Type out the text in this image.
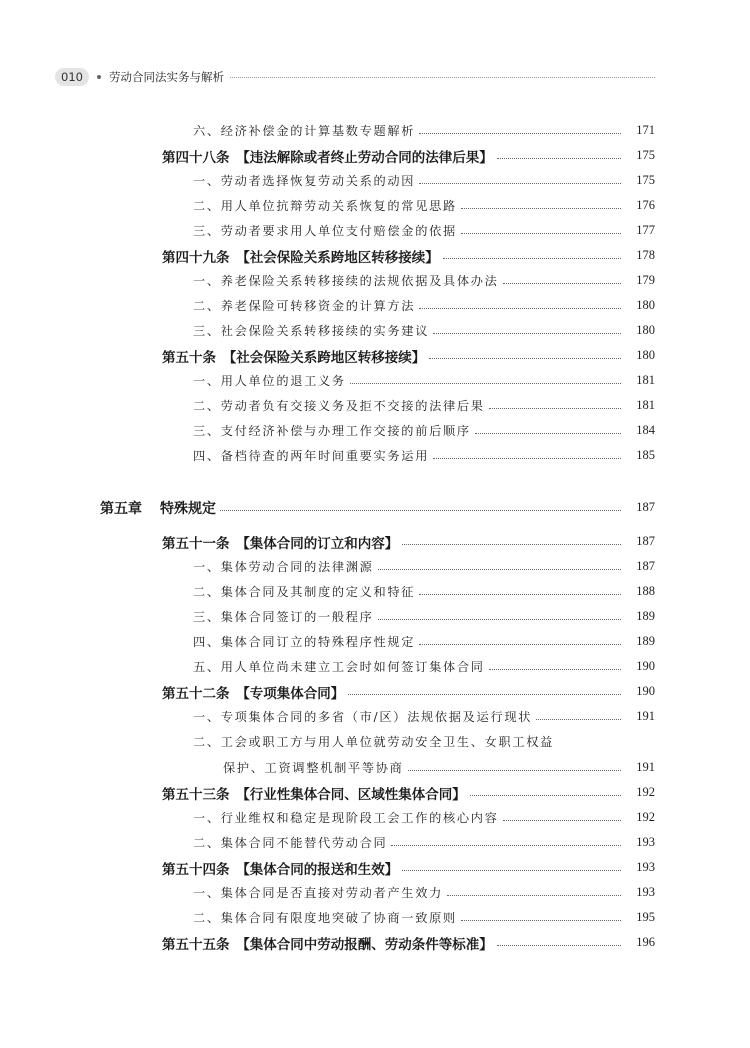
010	劳动合同法实务与解析
六、经济补偿金的计算基数专题解析	171
第四十八条　【违法解除或者终止劳动合同的法律后果】	175
一、劳动者选择恢复劳动关系的动因	175
二、用人单位抗辩劳动关系恢复的常见思路	176
三、劳动者要求用人单位支付赔偿金的依据	177
第四十九条　【社会保险关系跨地区转移接续】	178
一、养老保险关系转移接续的法规依据及具体办法	179
二、养老保险可转移资金的计算方法	180
三、社会保险关系转移接续的实务建议	180
第五十条　【社会保险关系跨地区转移接续】	180
一、用人单位的退工义务	181
二、劳动者负有交接义务及拒不交接的法律后果	181
三、支付经济补偿与办理工作交接的前后顺序	184
四、备档待查的两年时间重要实务运用	185
第五章 特殊规定	187
第五十一条　【集体合同的订立和内容】	187
一、集体劳动合同的法律渊源	187
二、集体合同及其制度的定义和特征	188
三、集体合同签订的一般程序	189
四、集体合同订立的特殊程序性规定	189
五、用人单位尚未建立工会时如何签订集体合同	190
第五十二条　【专项集体合同】	190
一、专项集体合同的多省（市/区）法规依据及运行现状	191
二、工会或职工方与用人单位就劳动安全卫生、女职工权益
保护、工资调整机制平等协商	191
第五十三条　【行业性集体合同、区域性集体合同】	192
一、行业维权和稳定是现阶段工会工作的核心内容	192
二、集体合同不能替代劳动合同	193
第五十四条　【集体合同的报送和生效】	193
一、集体合同是否直接对劳动者产生效力	193
二、集体合同有限度地突破了协商一致原则	195
第五十五条　【集体合同中劳动报酬、劳动条件等标准】	196
